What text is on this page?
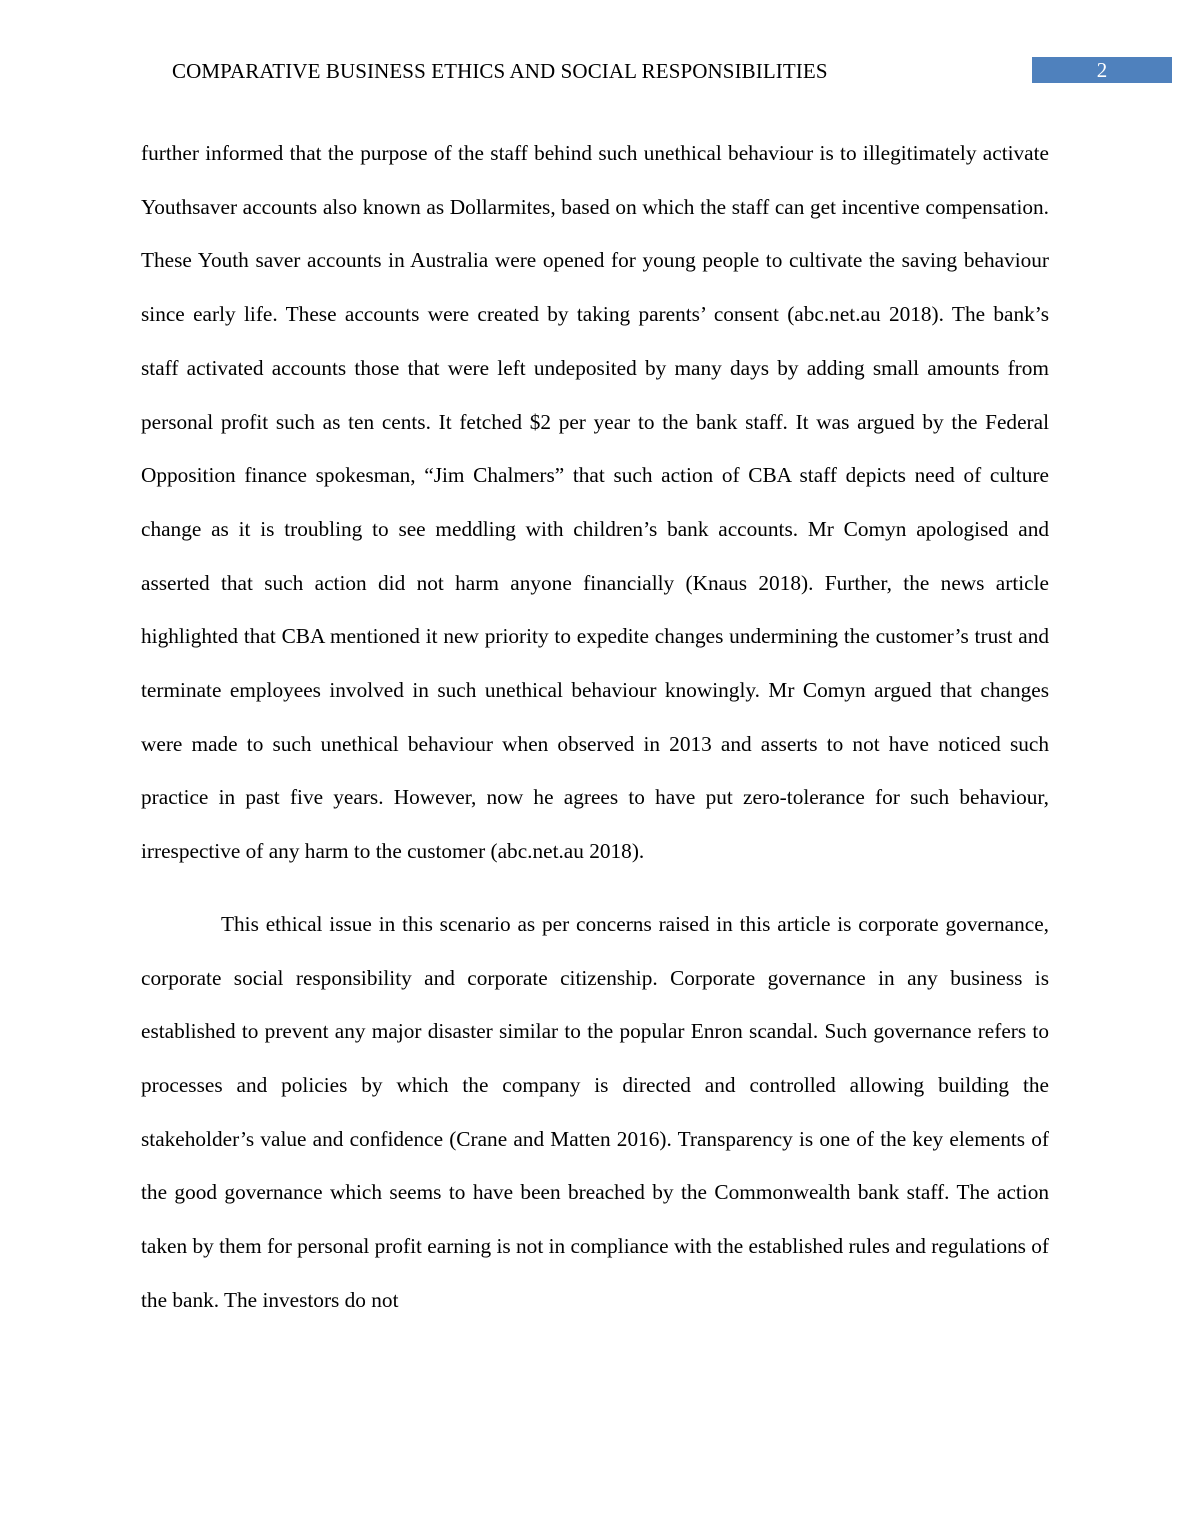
COMPARATIVE BUSINESS ETHICS AND SOCIAL RESPONSIBILITIES	2

further informed that the purpose of the staff behind such unethical behaviour is to illegitimately activate Youthsaver accounts also known as Dollarmites, based on which the staff can get incentive compensation. These Youth saver accounts in Australia were opened for young people to cultivate the saving behaviour since early life. These accounts were created by taking parents’ consent (abc.net.au 2018). The bank’s staff activated accounts those that were left undeposited by many days by adding small amounts from personal profit such as ten cents. It fetched $2 per year to the bank staff. It was argued by the Federal Opposition finance spokesman, “Jim Chalmers” that such action of CBA staff depicts need of culture change as it is troubling to see meddling with children’s bank accounts. Mr Comyn apologised and asserted that such action did not harm anyone financially (Knaus 2018). Further, the news article highlighted that CBA mentioned it new priority to expedite changes undermining the customer’s trust and terminate employees involved in such unethical behaviour knowingly. Mr Comyn argued that changes were made to such unethical behaviour when observed in 2013 and asserts to not have noticed such practice in past five years. However, now he agrees to have put zero-tolerance for such behaviour, irrespective of any harm to the customer (abc.net.au 2018).

This ethical issue in this scenario as per concerns raised in this article is corporate governance, corporate social responsibility and corporate citizenship. Corporate governance in any business is established to prevent any major disaster similar to the popular Enron scandal. Such governance refers to processes and policies by which the company is directed and controlled allowing building the stakeholder’s value and confidence (Crane and Matten 2016). Transparency is one of the key elements of the good governance which seems to have been breached by the Commonwealth bank staff. The action taken by them for personal profit earning is not in compliance with the established rules and regulations of the bank. The investors do not
